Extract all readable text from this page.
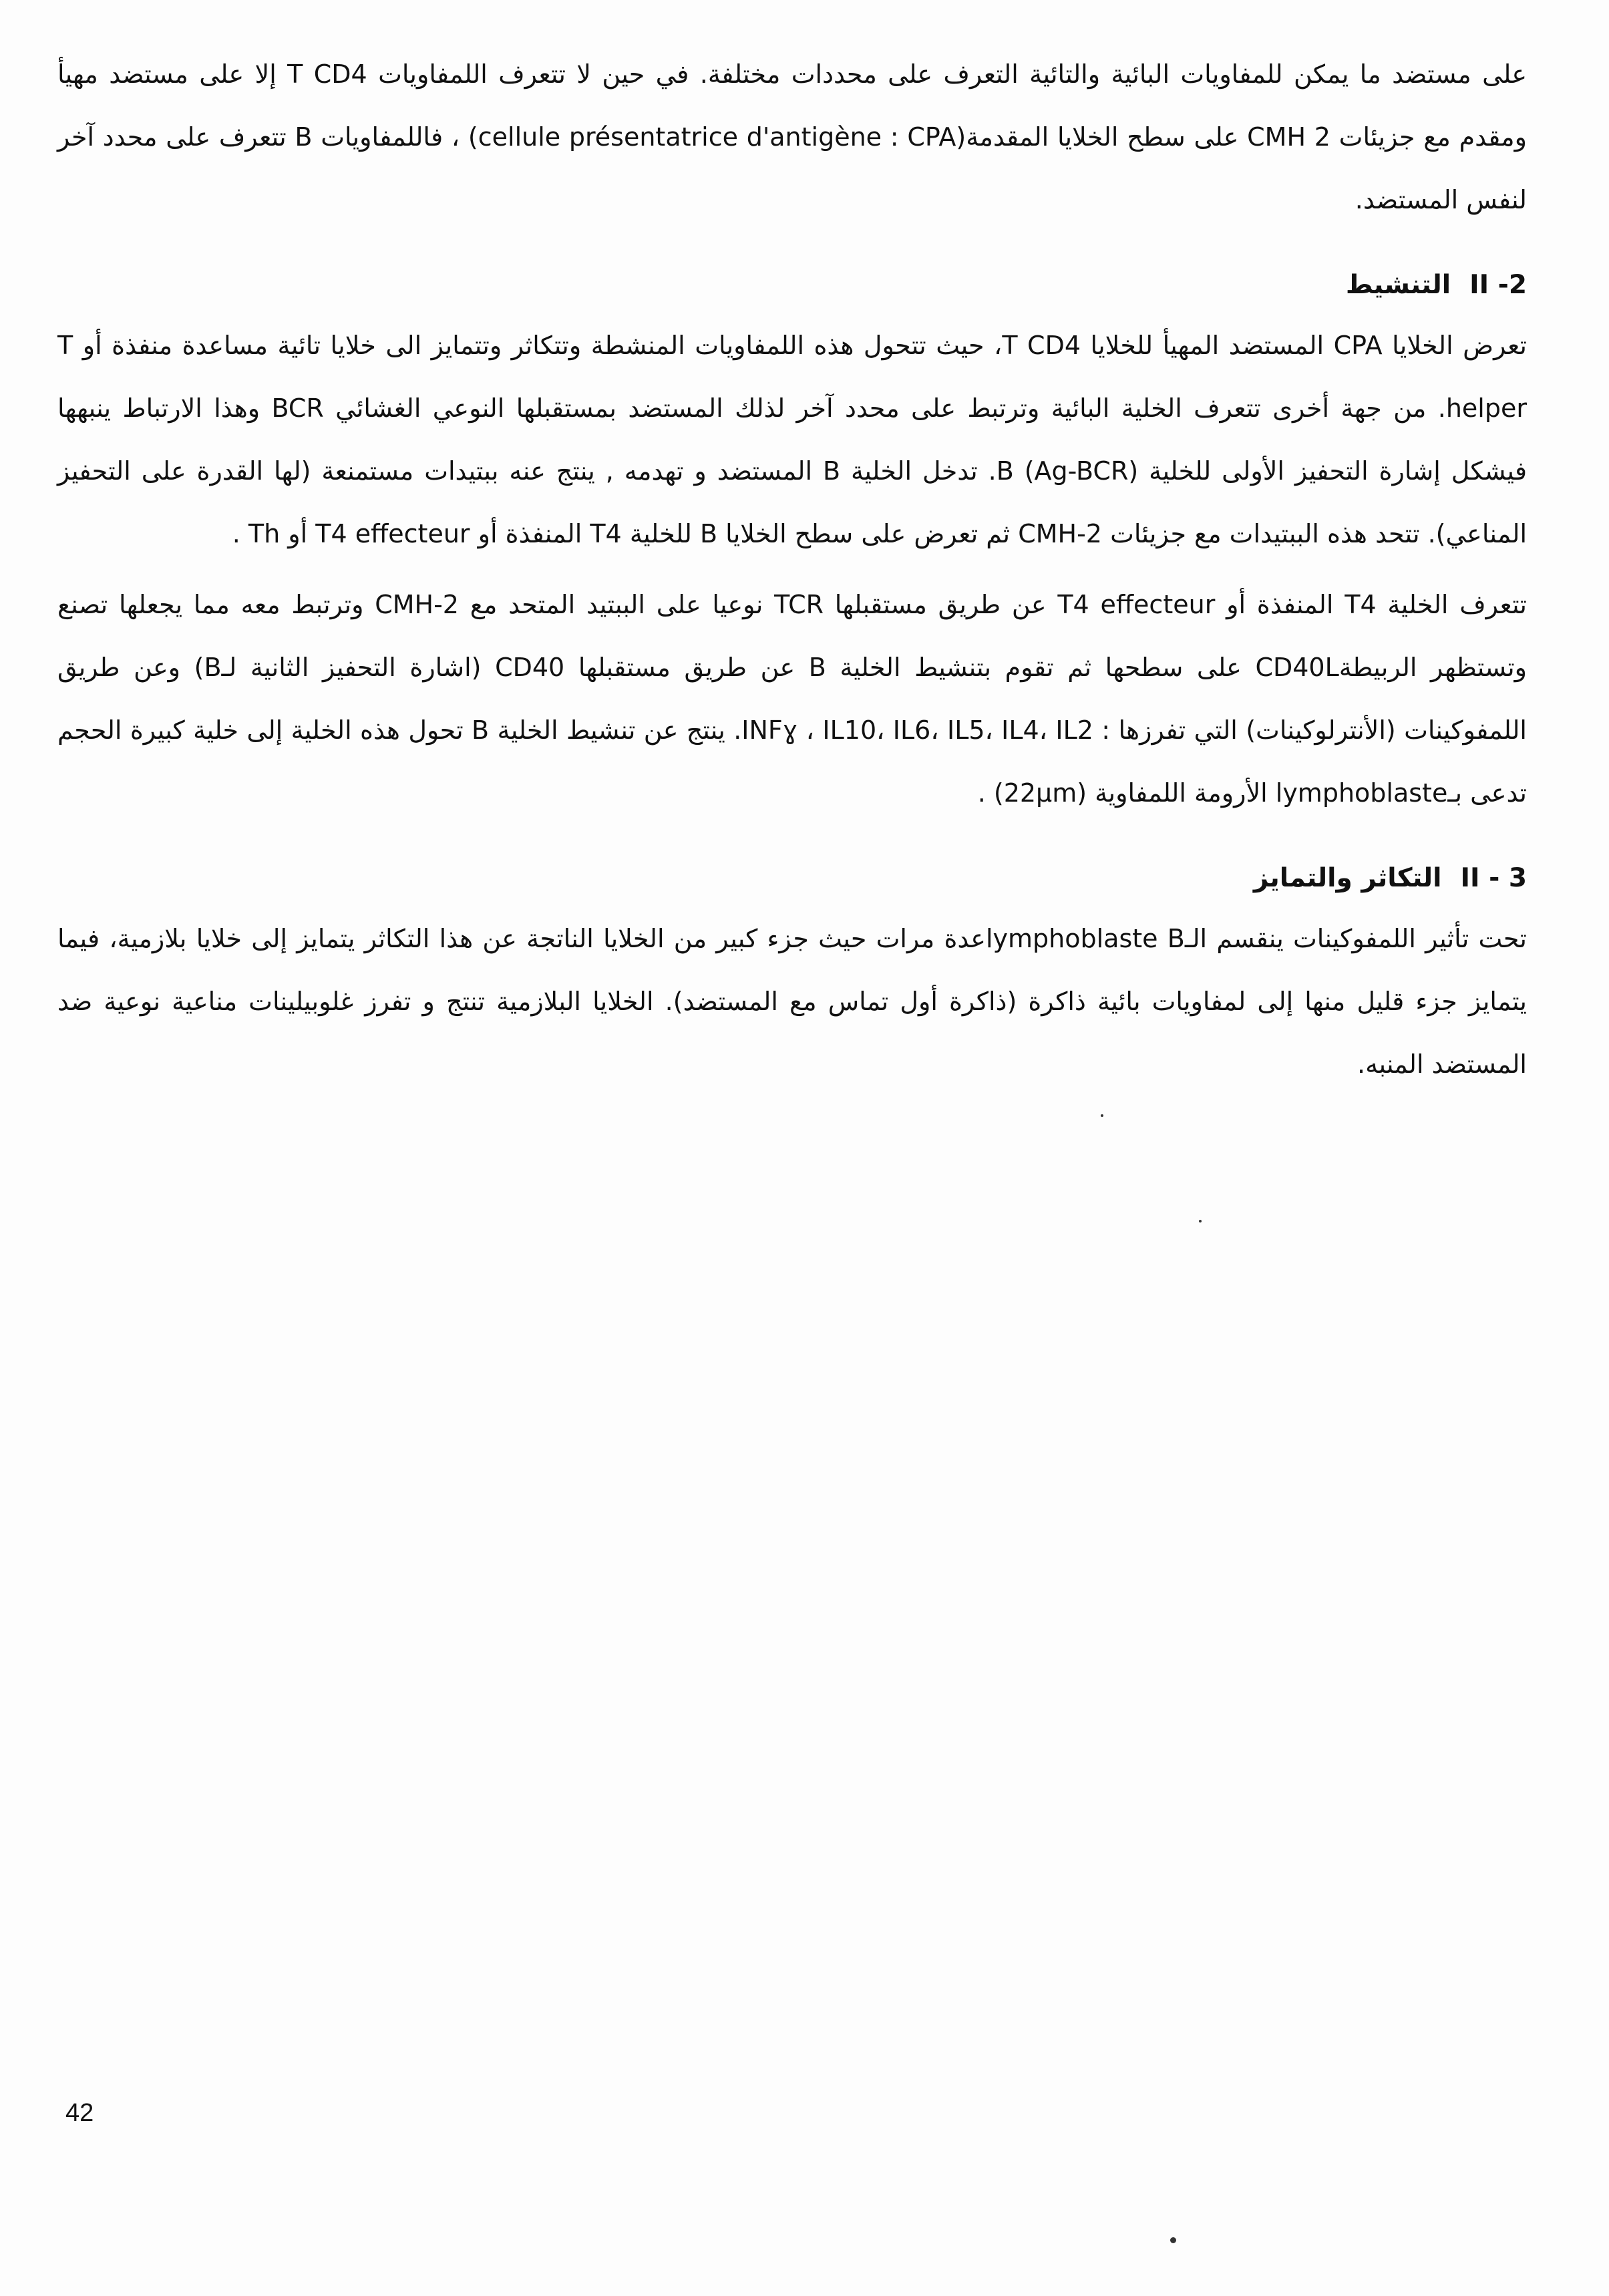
على مستضد ما يمكن للمفاويات البائية والتائية التعرف على محددات مختلفة. في حين لا تتعرف اللمفاويات T CD4 إلا على مستضد مهيأ ومقدم مع جزيئات CMH 2 على سطح الخلايا المقدمة(cellule présentatrice d'antigène : CPA) ، فاللمفاويات B تتعرف على محدد آخر لنفس المستضد.

II -2التنشيط

تعرض الخلايا CPA المستضد المهيأ للخلايا T CD4، حيث تتحول هذه اللمفاويات المنشطة وتتكاثر وتتمايز الى خلايا تائية مساعدة منفذة أو T helper. من جهة أخرى تتعرف الخلية البائية وترتبط على محدد آخر لذلك المستضد بمستقبلها النوعي الغشائي BCR وهذا الارتباط ينبهها فيشكل إشارة التحفيز الأولى للخلية B (Ag-BCR). تدخل الخلية B المستضد و تهدمه , ينتج عنه ببتيدات مستمنعة (لها القدرة على التحفيز المناعي). تتحد هذه الببتيدات مع جزيئات CMH-2 ثم تعرض على سطح الخلايا B للخلية T4 المنفذة أو T4 effecteur أو Th .

تتعرف الخلية T4 المنفذة أو T4 effecteur عن طريق مستقبلها TCR نوعيا على الببتيد المتحد مع CMH-2 وترتبط معه مما يجعلها تصنع وتستظهر الربيطةCD40L على سطحها ثم تقوم بتنشيط الخلية B عن طريق مستقبلها CD40 (اشارة التحفيز الثانية لـB) وعن طريق اللمفوكينات (الأنترلوكينات) التي تفرزها : INFɣ ، IL10، IL6، IL5، IL4، IL2. ينتج عن تنشيط الخلية B تحول هذه الخلية إلى خلية كبيرة الحجم تدعى بـlymphoblaste الأرومة اللمفاوية (22µm) .

II - 3التكاثر والتمايز

تحت تأثير اللمفوكينات ينقسم الـlymphoblaste Bعدة مرات حيث جزء كبير من الخلايا الناتجة عن هذا التكاثر يتمايز إلى خلايا بلازمية، فيما يتمايز جزء قليل منها إلى لمفاويات بائية ذاكرة (ذاكرة أول تماس مع المستضد). الخلايا البلازمية تنتج و تفرز غلوبيلينات مناعية نوعية ضد المستضد المنبه.

42
